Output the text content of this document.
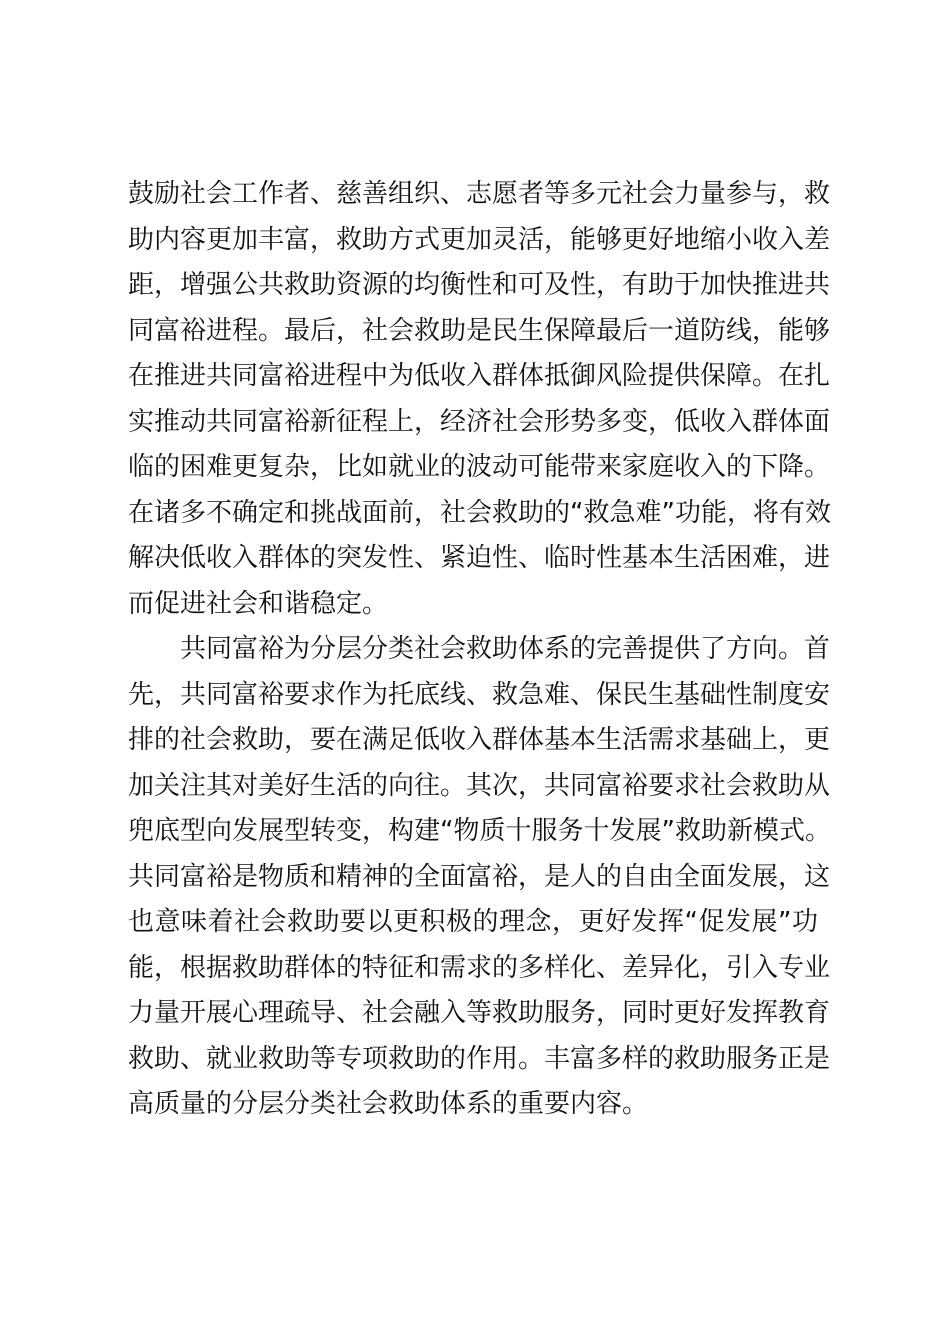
鼓励社会工作者、慈善组织、志愿者等多元社会力量参与，救
助内容更加丰富，救助方式更加灵活，能够更好地缩小收入差
距，增强公共救助资源的均衡性和可及性，有助于加快推进共
同富裕进程。最后，社会救助是民生保障最后一道防线，能够
在推进共同富裕进程中为低收入群体抵御风险提供保障。在扎
实推动共同富裕新征程上，经济社会形势多变，低收入群体面
临的困难更复杂，比如就业的波动可能带来家庭收入的下降。
在诸多不确定和挑战面前，社会救助的“救急难”功能，将有效
解决低收入群体的突发性、紧迫性、临时性基本生活困难，进
而促进社会和谐稳定。
共同富裕为分层分类社会救助体系的完善提供了方向。首
先，共同富裕要求作为托底线、救急难、保民生基础性制度安
排的社会救助，要在满足低收入群体基本生活需求基础上，更
加关注其对美好生活的向往。其次，共同富裕要求社会救助从
兜底型向发展型转变，构建“物质十服务十发展”救助新模式。
共同富裕是物质和精神的全面富裕，是人的自由全面发展，这
也意味着社会救助要以更积极的理念，更好发挥“促发展”功
能，根据救助群体的特征和需求的多样化、差异化，引入专业
力量开展心理疏导、社会融入等救助服务，同时更好发挥教育
救助、就业救助等专项救助的作用。丰富多样的救助服务正是
高质量的分层分类社会救助体系的重要内容。
